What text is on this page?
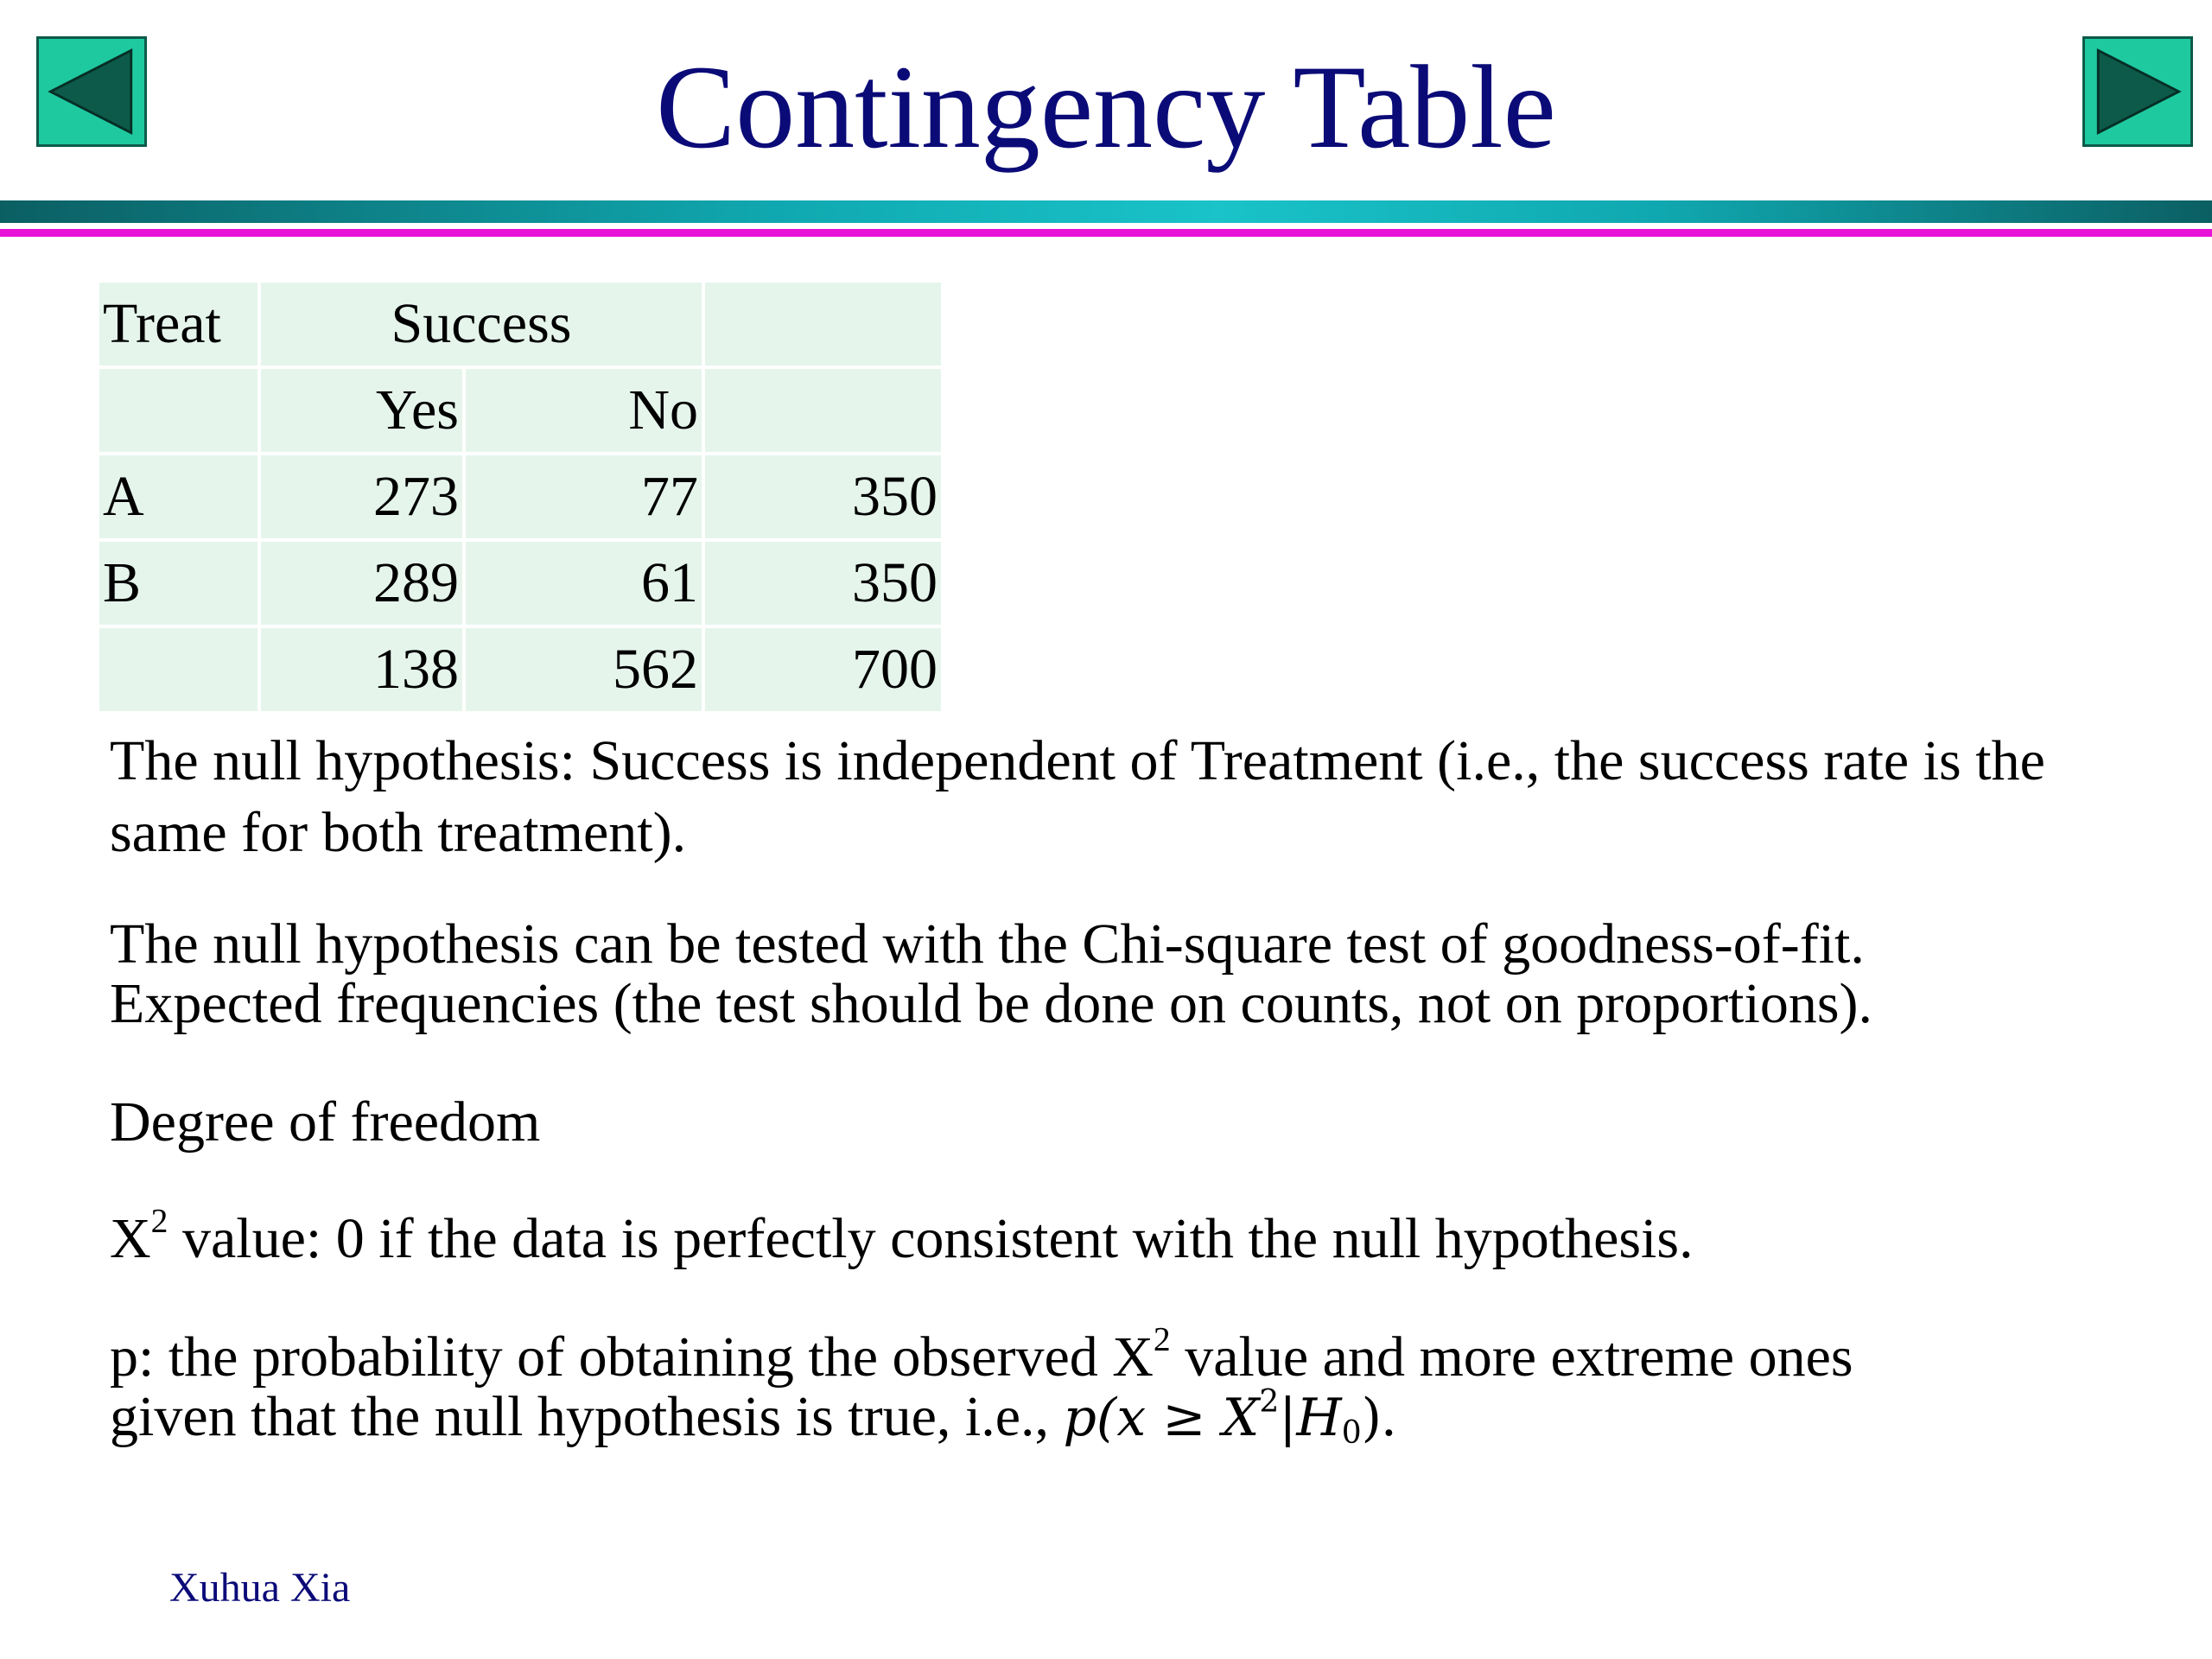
Contingency Table
Treat	Success		
	Yes	No	
A	273	77	350
B	289	61	350
	138	562	700

The null hypothesis: Success is independent of Treatment (i.e., the success rate is the same for both treatment).

The null hypothesis can be tested with the Chi-square test of goodness-of-fit.
Expected frequencies (the test should be done on counts, not on proportions).

Degree of freedom

$X^2$ value: 0 if the data is perfectly consistent with the null hypothesis.

p: the probability of obtaining the observed $X^2$ value and more extreme ones
given that the null hypothesis is true, i.e., $p(x \ge X^2|H_0)$.
Xuhua Xia
